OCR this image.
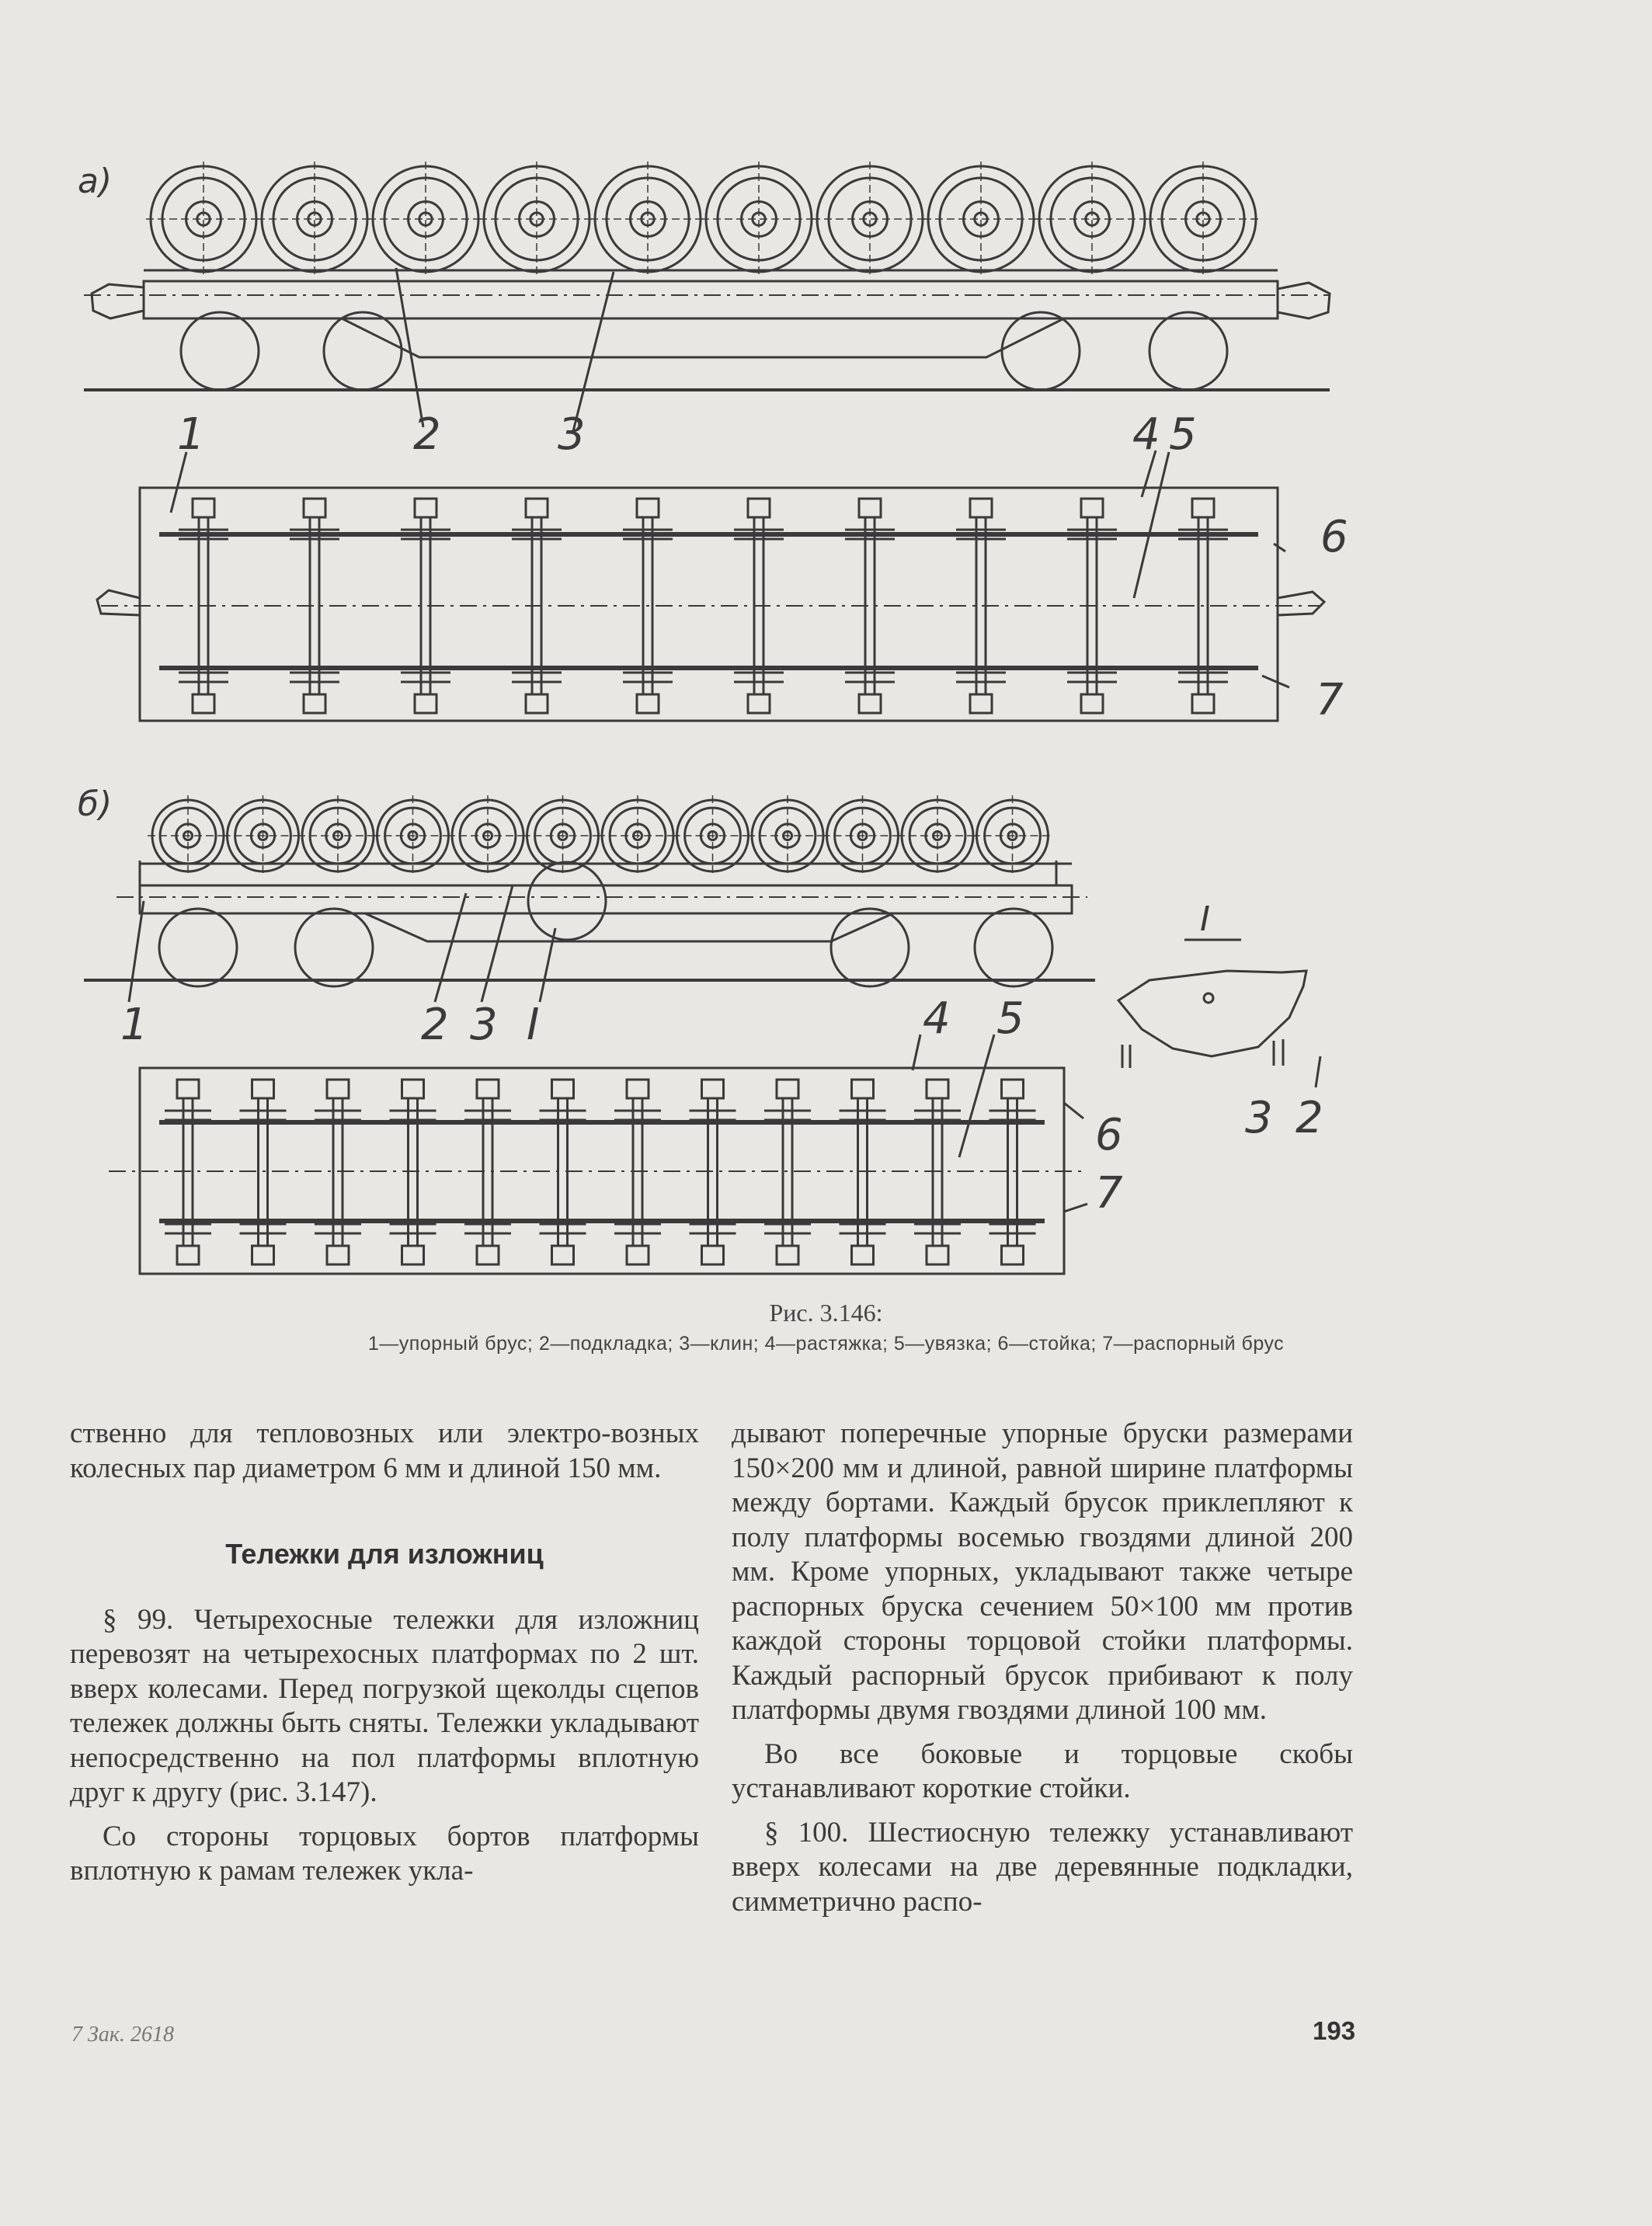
а)
б)
I
1	2	3	4 5
6
7
1	2 3 I	4 5
6
7
3 2
Рис. 3.146:
1—упорный брус; 2—подкладка; 3—клин; 4—растяжка; 5—увязка; 6—стойка; 7—распорный брус

ственно для тепловозных или электро-возных колесных пар диаметром 6 мм и длиной 150 мм.

Тележки для изложниц

§ 99. Четырехосные тележки для изложниц перевозят на четырехосных платформах по 2 шт. вверх колесами. Перед погрузкой щеколды сцепов тележек должны быть сняты. Тележки укладывают непосредственно на пол платформы вплотную друг к другу (рис. 3.147).

Со стороны торцовых бортов платформы вплотную к рамам тележек укла-

дывают поперечные упорные бруски размерами 150×200 мм и длиной, равной ширине платформы между бортами. Каждый брусок приклепляют к полу платформы восемью гвоздями длиной 200 мм. Кроме упорных, укладывают также четыре распорных бруска сечением 50×100 мм против каждой стороны торцовой стойки платформы. Каждый распорный брусок прибивают к полу платформы двумя гвоздями длиной 100 мм.

Во все боковые и торцовые скобы устанавливают короткие стойки.

§ 100. Шестиосную тележку устанавливают вверх колесами на две деревянные подкладки, симметрично распо-

7 Зак. 2618	193
